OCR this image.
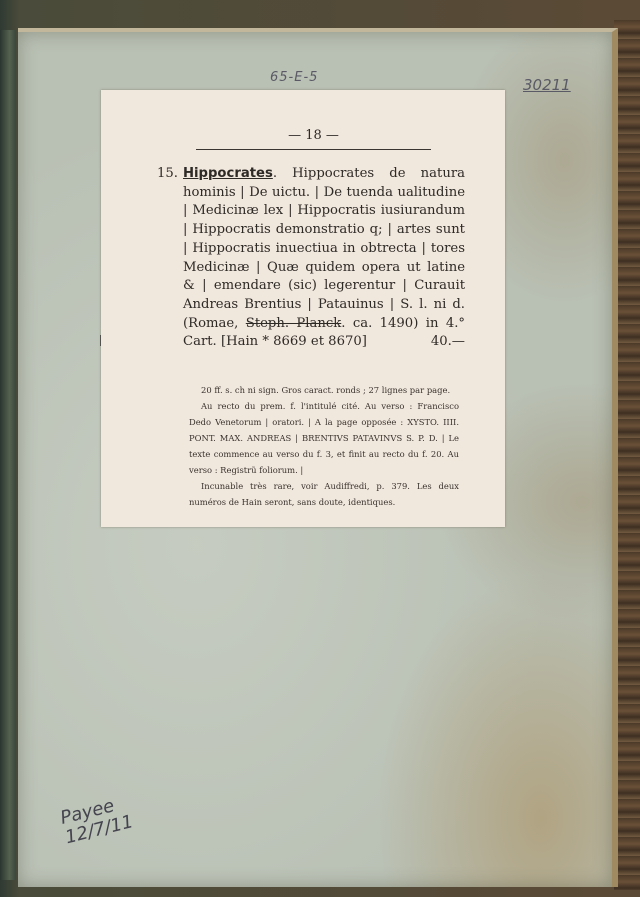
65-E-5	30211
Payee 12/7/11
— 18 —
15. Hippocrates. Hippocrates de natura hominis | De uictu. | De tuenda ualitudine | Medicinæ lex | Hippocratis iusiurandum | Hippocratis demonstratio q; | artes sunt | Hippocratis inuectiua in obtrecta | tores Medicinæ | Quæ quidem opera ut latine & | emendare (sic) legerentur | Curauit Andreas Brentius | Patauinus | S. l. ni d. (Romae, Steph. Planck. ca. 1490) in 4.° Cart. [Hain * 8669 et 8670]	40.—

20 ff. s. ch ni sign. Gros caract. ronds ; 27 lignes par page.

Au recto du prem. f. l'intitulé cité. Au verso : Francisco Dedo Venetorum | oratori. | A la page opposée : XYSTO. IIII. PONT. MAX. ANDREAS | BRENTIVS PATAVINVS S. P. D. | Le texte commence au verso du f. 3, et finit au recto du f. 20. Au verso : Registrũ foliorum. |

Incunable très rare, voir Audiffredi, p. 379. Les deux numéros de Hain seront, sans doute, identiques.
